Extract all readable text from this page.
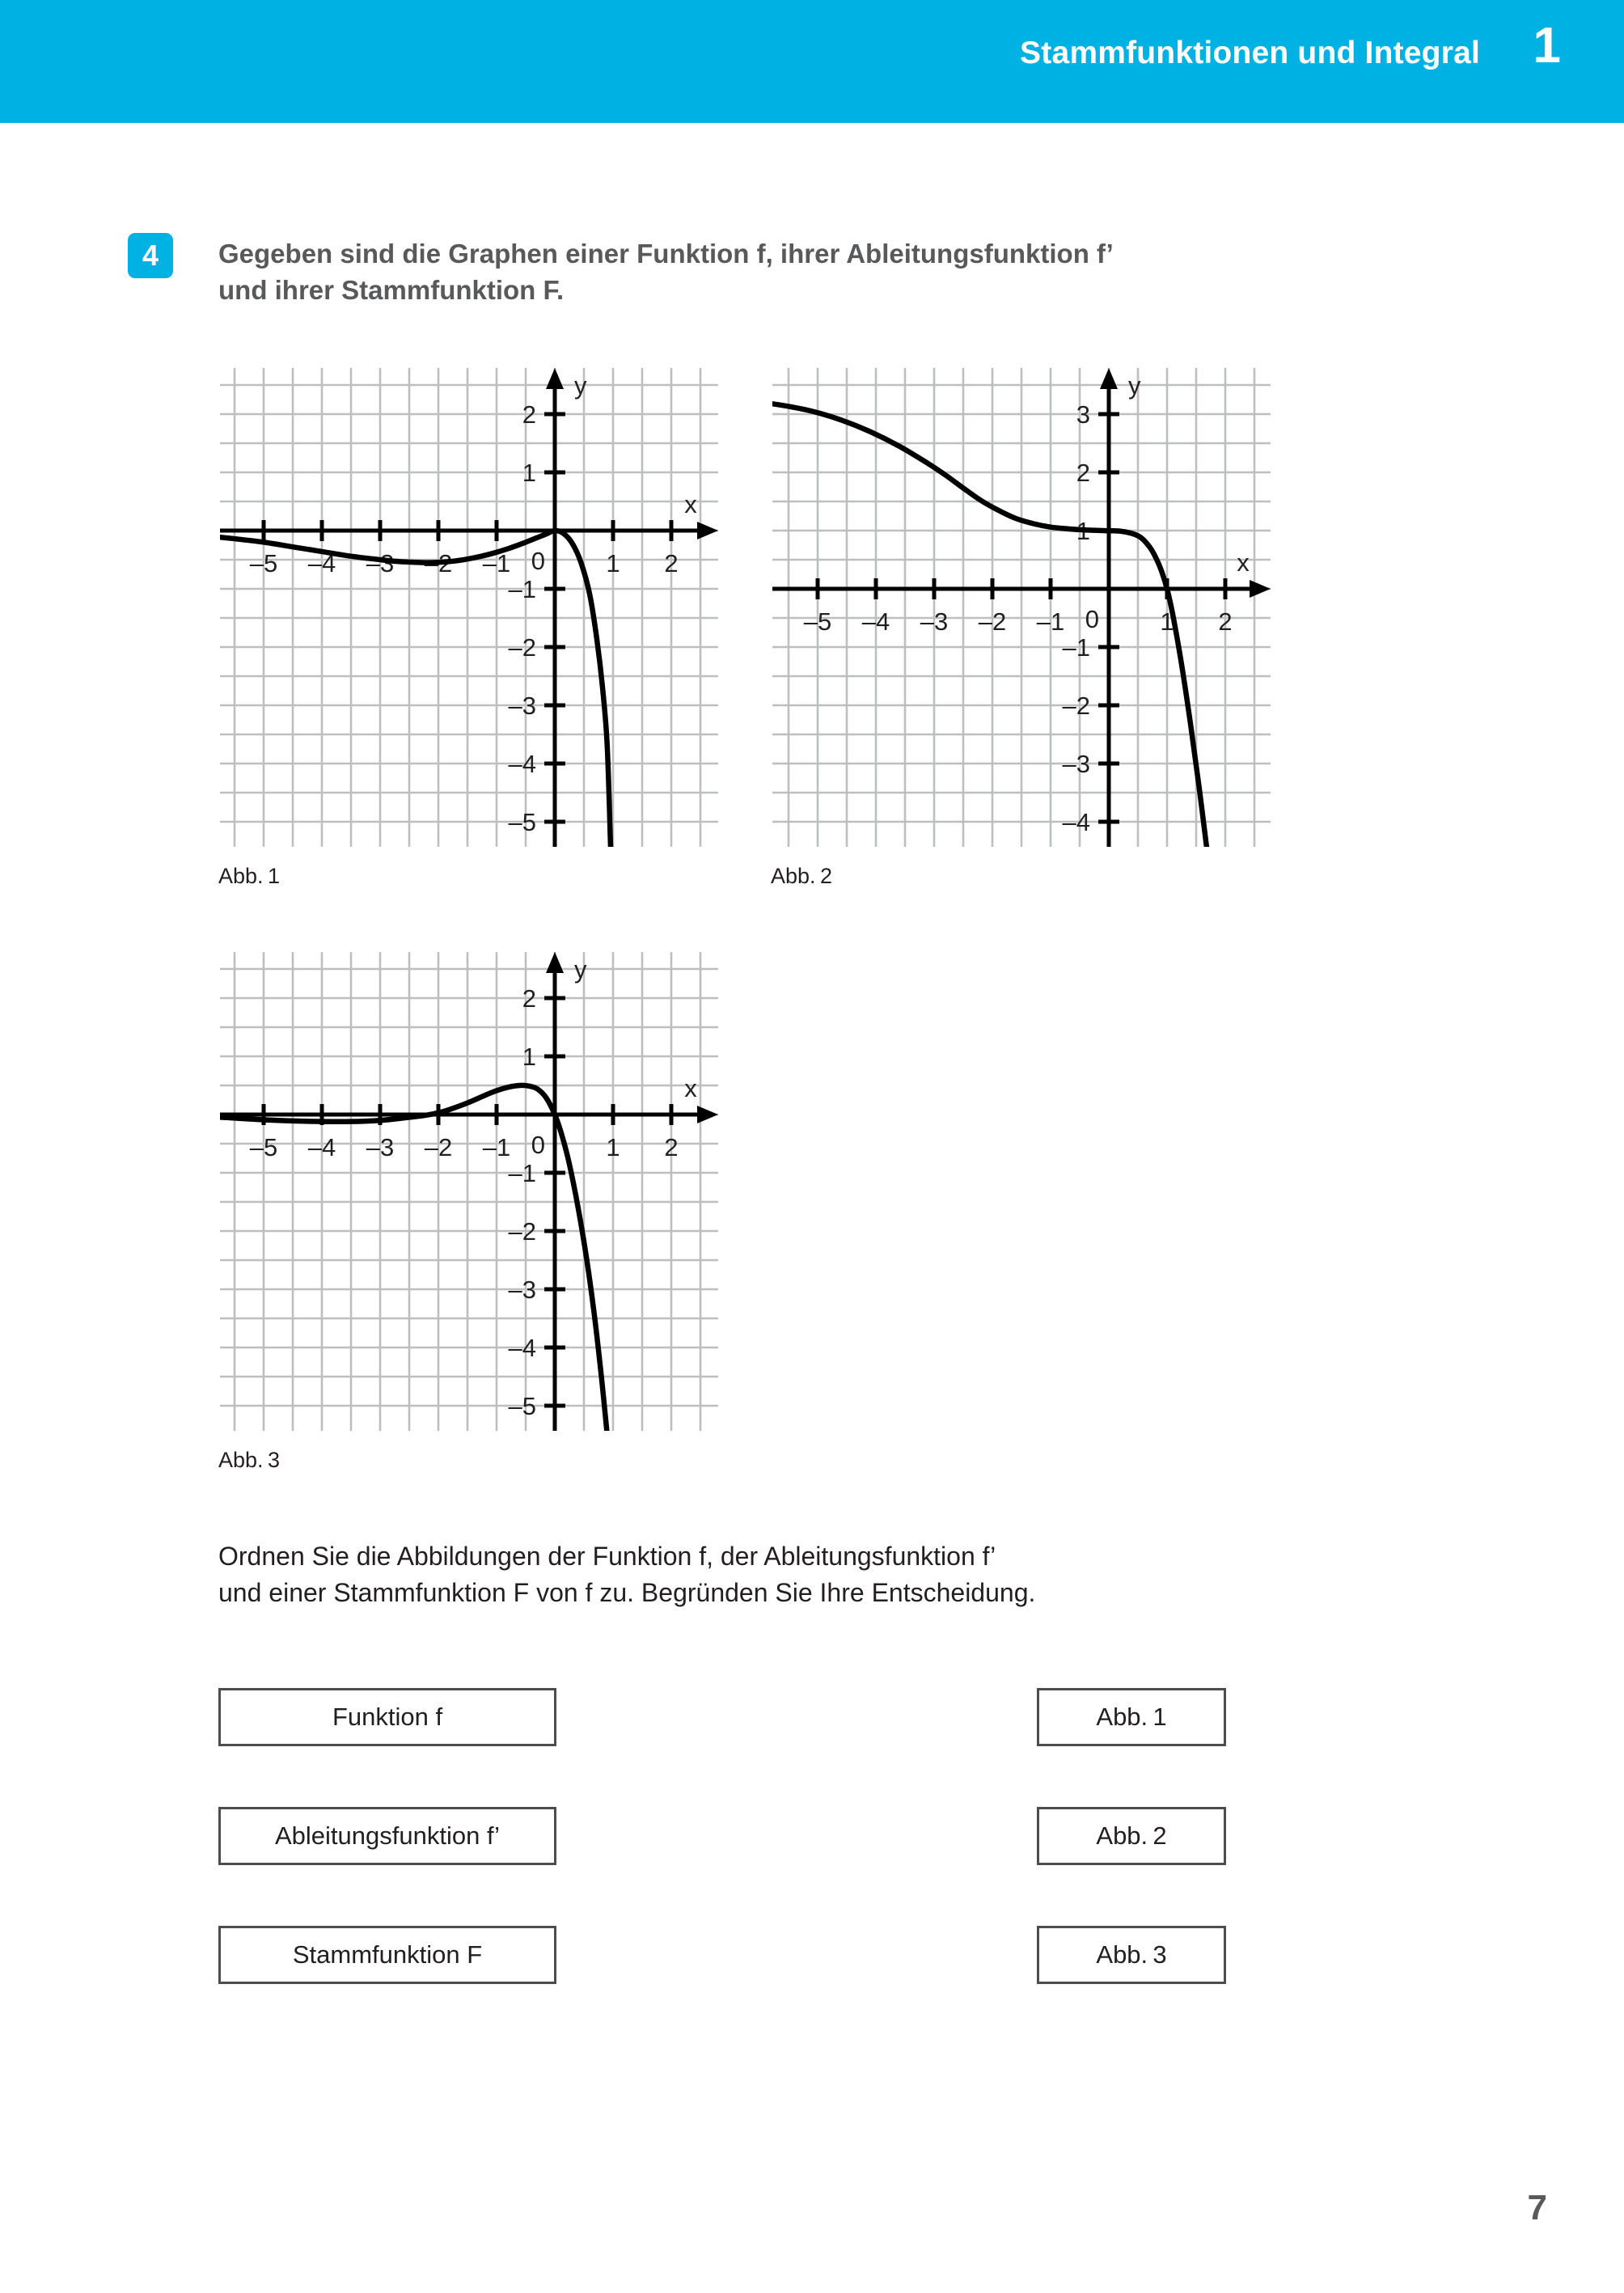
Stammfunktionen und Integral 1
4	Gegeben sind die Graphen einer Funktion f, ihrer Ableitungsfunktion f’
und ihrer Stammfunktion F.
–5 –4 –3 –2 –1	1 2
2
1
–1
–2
–3
–4
–5
0
x
y
Abb. 1
–5 –4 –3 –2 –1	1 2
3
2
1
–1
–2
–3
–4
0
x
y
Abb. 2
–5 –4 –3 –2 –1	1 2
2
1
–1
–2
–3
–4
–5
0
x
y
Abb. 3
Ordnen Sie die Abbildungen der Funktion f, der Ableitungsfunktion f’
und einer Stammfunktion F von f zu. Begründen Sie Ihre Entscheidung.
Funktion f	Abb. 1
Ableitungsfunktion f’	Abb. 2
Stammfunktion F	Abb. 3
7
